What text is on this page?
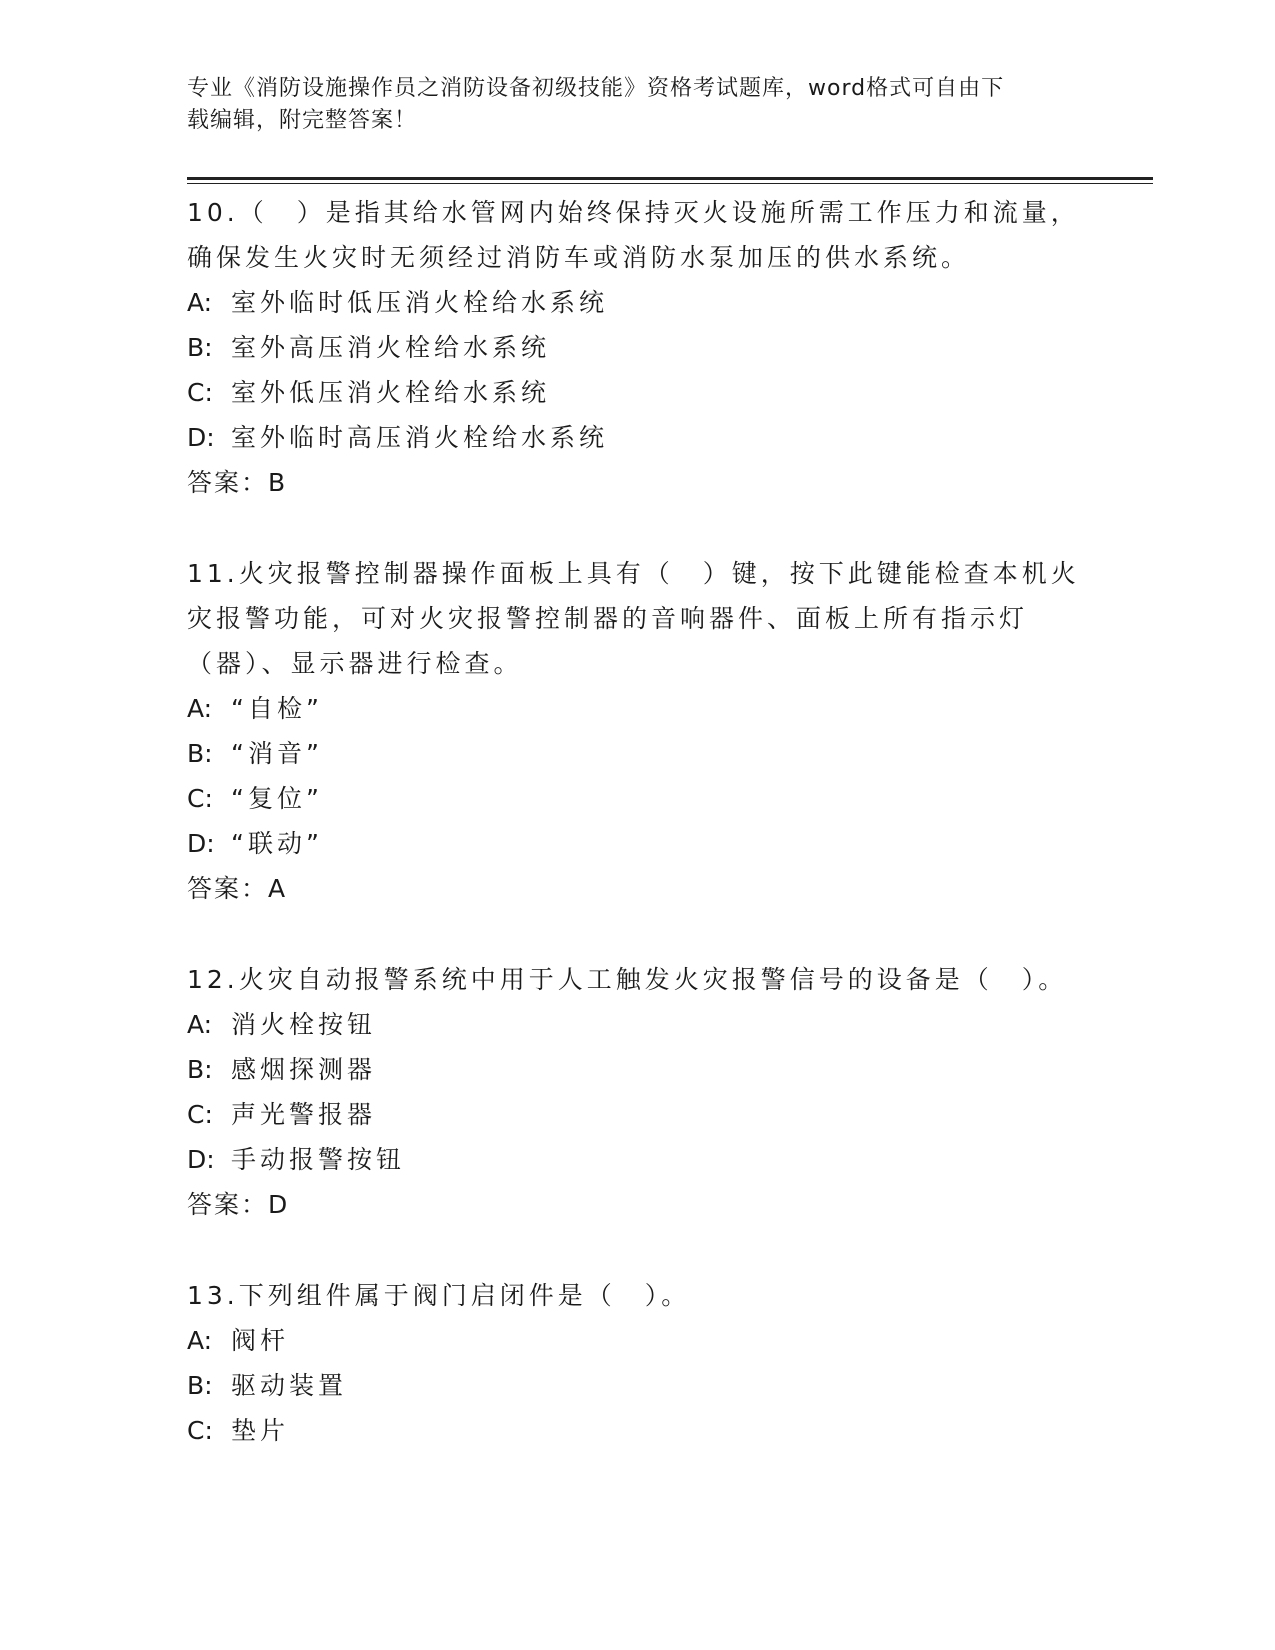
专业《消防设施操作员之消防设备初级技能》资格考试题库，word格式可自由下
载编辑，附完整答案！

10.（　）是指其给水管网内始终保持灭火设施所需工作压力和流量，确保发生火灾时无须经过消防车或消防水泵加压的供水系统。

A: 室外临时低压消火栓给水系统
B: 室外高压消火栓给水系统
C: 室外低压消火栓给水系统
D: 室外临时高压消火栓给水系统
答案：B

11.火灾报警控制器操作面板上具有（　）键，按下此键能检查本机火灾报警功能，可对火灾报警控制器的音响器件、面板上所有指示灯（器）、显示器进行检查。

A: “自检”
B: “消音”
C: “复位”
D: “联动”
答案：A

12.火灾自动报警系统中用于人工触发火灾报警信号的设备是（　）。

A: 消火栓按钮
B: 感烟探测器
C: 声光警报器
D: 手动报警按钮
答案：D

13.下列组件属于阀门启闭件是（　）。

A: 阀杆
B: 驱动装置
C: 垫片
